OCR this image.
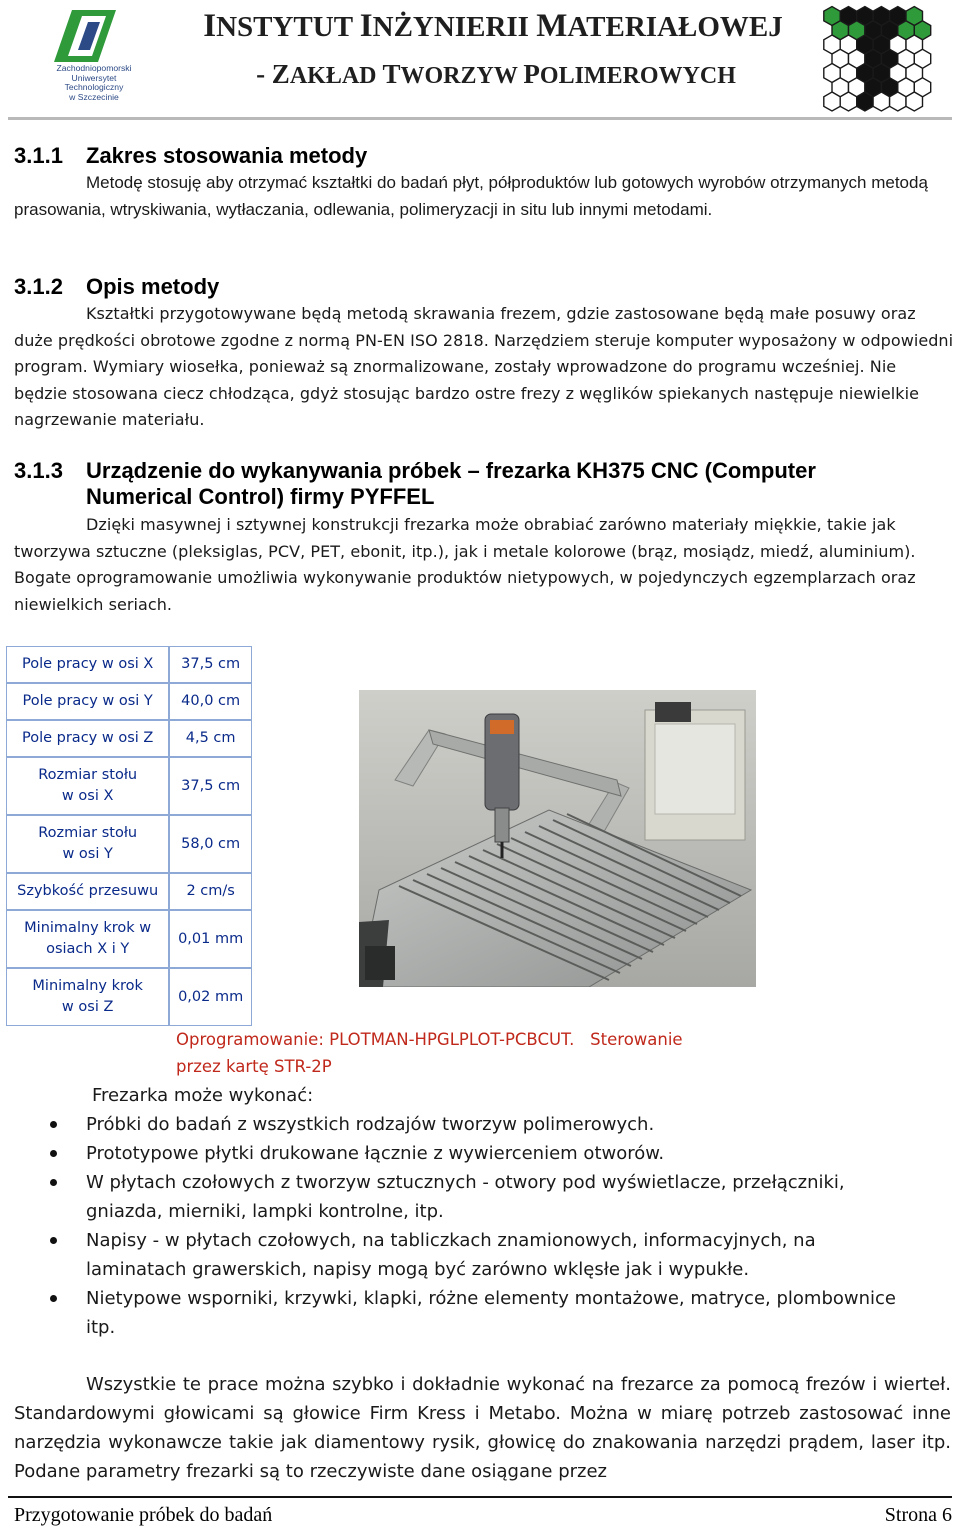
Zachodniopomorski
Uniwersytet
Technologiczny
w Szczecinie
INSTYTUT INŻYNIERII MATERIAŁOWEJ
- ZAKŁAD TWORZYW POLIMEROWYCH
3.1.1 Zakres stosowania metody
Metodę stosuję aby otrzymać kształtki do badań płyt, półproduktów lub gotowych wyrobów otrzymanych metodą prasowania, wtryskiwania, wytłaczania, odlewania, polimeryzacji in situ lub innymi metodami.
3.1.2 Opis metody
Kształtki przygotowywane będą metodą skrawania frezem, gdzie zastosowane będą małe posuwy oraz duże prędkości obrotowe zgodne z normą PN-EN ISO 2818. Narzędziem steruje komputer wyposażony w odpowiedni program. Wymiary wiosełka, ponieważ są znormalizowane, zostały wprowadzone do programu wcześniej. Nie będzie stosowana ciecz chłodząca, gdyż stosując bardzo ostre frezy z węglików spiekanych następuje niewielkie nagrzewanie materiału.
3.1.3 Urządzenie do wykanywania próbek – frezarka KH375 CNC (Computer
Numerical Control) firmy PYFFEL
Dzięki masywnej i sztywnej konstrukcji frezarka może obrabiać zarówno materiały miękkie, takie jak tworzywa sztuczne (pleksiglas, PCV, PET, ebonit, itp.), jak i metale kolorowe (brąz, mosiądz, miedź, aluminium). Bogate oprogramowanie umożliwia wykonywanie produktów nietypowych, w pojedynczych egzemplarzach oraz niewielkich seriach.
Pole pracy w osi X	37,5 cm
Pole pracy w osi Y	40,0 cm
Pole pracy w osi Z	4,5 cm

Rozmiar stołu
w osi X	37,5 cm

Rozmiar stołu
w osi Y	58,0 cm
Szybkość przesuwu	2 cm/s

Minimalny krok w
osiach X i Y	0,01 mm

Minimalny krok
w osi Z	0,02 mm
Oprogramowanie: PLOTMAN-HPGLPLOT-PCBCUT. Sterowanie
przez kartę STR-2P
Frezarka może wykonać:
Próbki do badań z wszystkich rodzajów tworzyw polimerowych.
Prototypowe płytki drukowane łącznie z wywierceniem otworów.
W płytach czołowych z tworzyw sztucznych - otwory pod wyświetlacze, przełączniki, gniazda, mierniki, lampki kontrolne, itp.
Napisy - w płytach czołowych, na tabliczkach znamionowych, informacyjnych, na laminatach grawerskich, napisy mogą być zarówno wklęsłe jak i wypukłe.
Nietypowe wsporniki, krzywki, klapki, różne elementy montażowe, matryce, plombownice itp.
Wszystkie te prace można szybko i dokładnie wykonać na frezarce za pomocą frezów i wierteł. Standardowymi głowicami są głowice Firm Kress i Metabo. Można w miarę potrzeb zastosować inne narzędzia wykonawcze takie jak diamentowy rysik, głowicę do znakowania narzędzi prądem, laser itp. Podane parametry frezarki są to rzeczywiste dane osiągane przez
Przygotowanie próbek do badań	Strona 6
